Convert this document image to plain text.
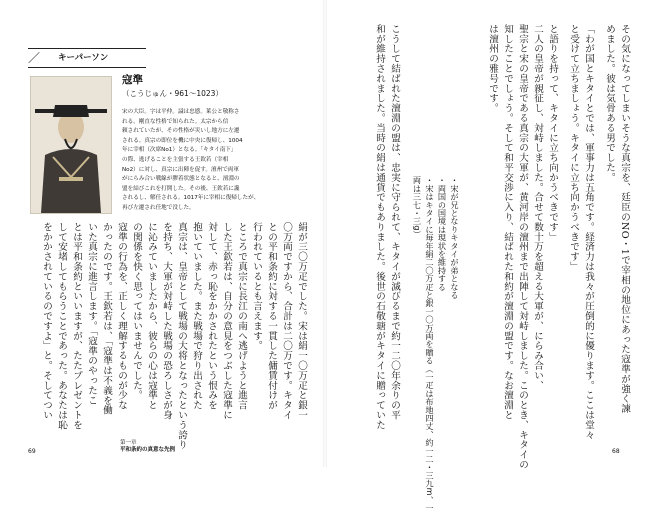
／ キーパーソン
寇準
（こうじゅん・961〜1023）
宋の大臣。字は平仲。謚は忠愍。萊公と敬称さ
れる。剛直な性格で知られた。太宗から信
頼されていたが、その性格が災いし地方に左遷
される。真宗の即位を機に中央に復帰し、1004
年に宰相（次席No1）となる。「キタイ南下」
の際、逃げることを主張する王欽若（宰相
No2）に対し、真宗に出陣を促す。澶州で両軍
がにらみ合い戦線が膠着状態となると、澶淵の
盟を結びこれを打開した。その後、王欽若に讒
されるし、解任される。1017年に宰相に復帰したが、
再び左遷され任地で没した。
絹が三〇万疋でした。宋は絹一〇万疋と銀一
〇万両ですから、合計は二〇万です。キタイ
との平和条約に対する一貫した傭賃付けが
行われているとも言えます。
ところで真宗に長江の南へ逃げようと進言
した王欽若は、自分の意見をつぶした寇準に
対して、赤っ恥をかかされたという恨みを
抱いていました。また戦場で狩り出された
真宗は、皇帝として戦場の大将となったという誇り
を持ち、大軍が対峙した戦場の恐ろしさが身
に沁みていましたから、彼らの心は寇準と
の関係を快く思ってはいませんでした。
寇準の行為を、正しく理解するものが少な
かったのです。王欽若は、「寇準は不義を働
いた真宗に進言します。「寇準のやったこ
とは平和条約といいますが、たたプレゼントを
して安堵してもらうことであった。あなたは恥
をかかされているのですよ」と。そしてつい
69
第一章
平和条約の真意な先例
その気になってしまいそうな真宗を、廷臣のNO・1で宰相の地位にあった寇準が強く諫
めました。彼は気骨ある男でした。
「わが国とキタイとでは、軍事力は五角です。経済力は我々が圧倒的に優ります。ここは堂々
と受けて立ちましょう。キタイに立ち向かうべきです」
と語りを持って、キタイに立ち向かうべきです」
二人の皇帝が親征し、対峙しました。合せて数十万を超える大軍が、にらみ合い、
聖宗と宋の皇帝である真宗の大軍が、黄河岸の澶州まで出陣して対峙しました。このとき、キタイの
知したことでしょう。そして和平交渉に入り、結ばれた和約が澶淵の盟です。なお澶淵と
は澶州の雅号です。
・宋が兄となりキタイが弟となる
・両国の国境は現状を維持する
・宋はキタイに毎年絹二〇万疋と銀一〇万両を贈る（一疋は布地四丈、約一二・三九m、一
両は三七・三g）
こうして結ばれた澶淵の盟は、忠実に守られて、キタイが滅びるまで約一二〇年余りの平
和が維持されました。当時の絹は通貨でもありました。後世の石敬瑭がキタイに贈っていた
68
